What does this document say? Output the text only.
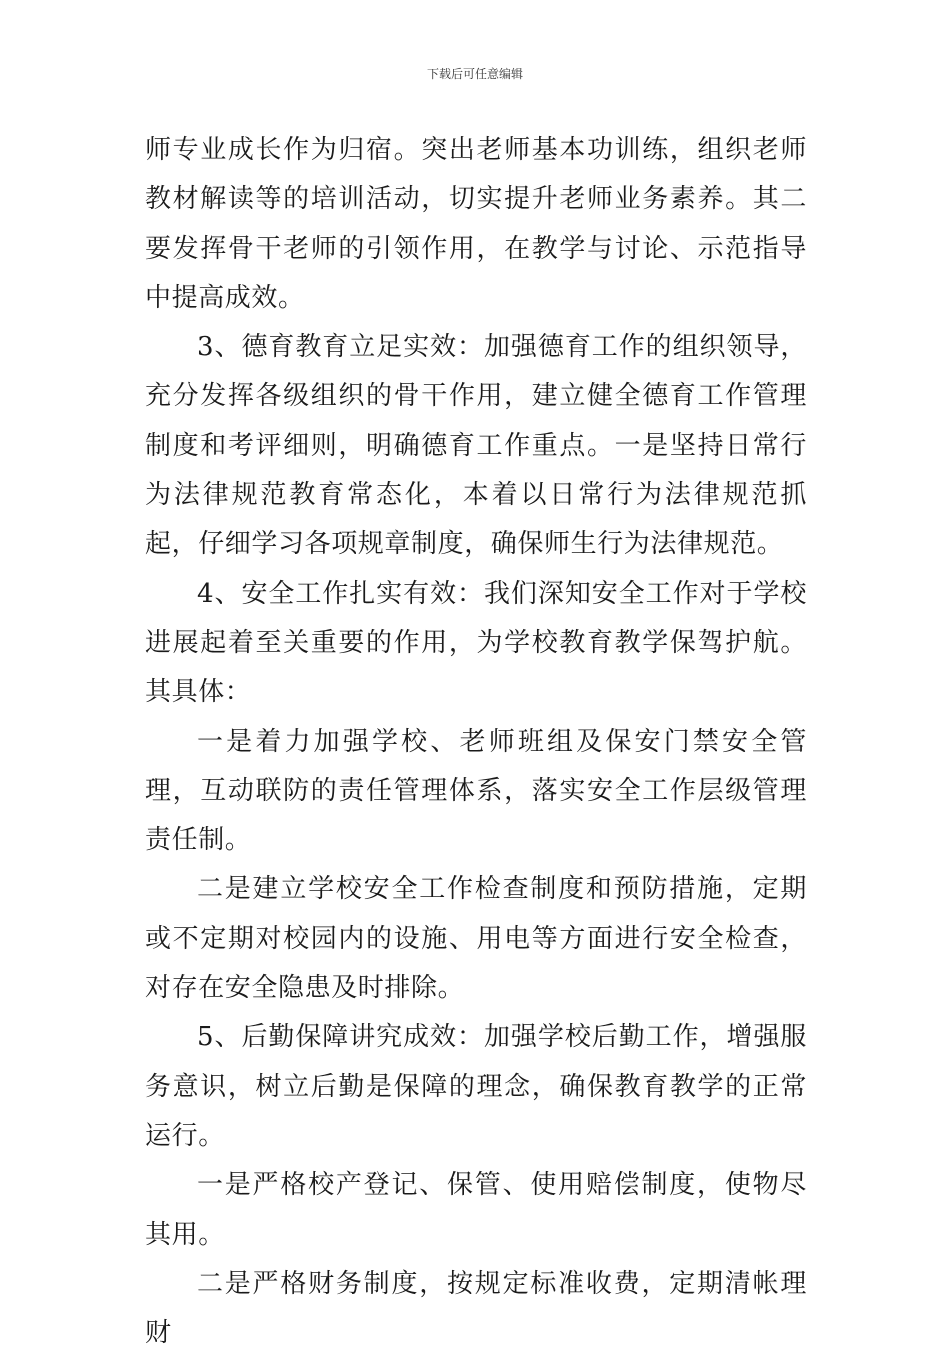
下载后可任意编辑

师专业成长作为归宿。突出老师基本功训练，组织老师教材解读等的培训活动，切实提升老师业务素养。其二要发挥骨干老师的引领作用，在教学与讨论、示范指导中提高成效。

3、德育教育立足实效：加强德育工作的组织领导，充分发挥各级组织的骨干作用，建立健全德育工作管理制度和考评细则，明确德育工作重点。一是坚持日常行为法律规范教育常态化，本着以日常行为法律规范抓起，仔细学习各项规章制度，确保师生行为法律规范。

4、安全工作扎实有效：我们深知安全工作对于学校进展起着至关重要的作用，为学校教育教学保驾护航。其具体：

一是着力加强学校、老师班组及保安门禁安全管理，互动联防的责任管理体系，落实安全工作层级管理责任制。

二是建立学校安全工作检查制度和预防措施，定期或不定期对校园内的设施、用电等方面进行安全检查，对存在安全隐患及时排除。

5、后勤保障讲究成效：加强学校后勤工作，增强服务意识，树立后勤是保障的理念，确保教育教学的正常运行。

一是严格校产登记、保管、使用赔偿制度，使物尽其用。

二是严格财务制度，按规定标准收费，定期清帐理财
